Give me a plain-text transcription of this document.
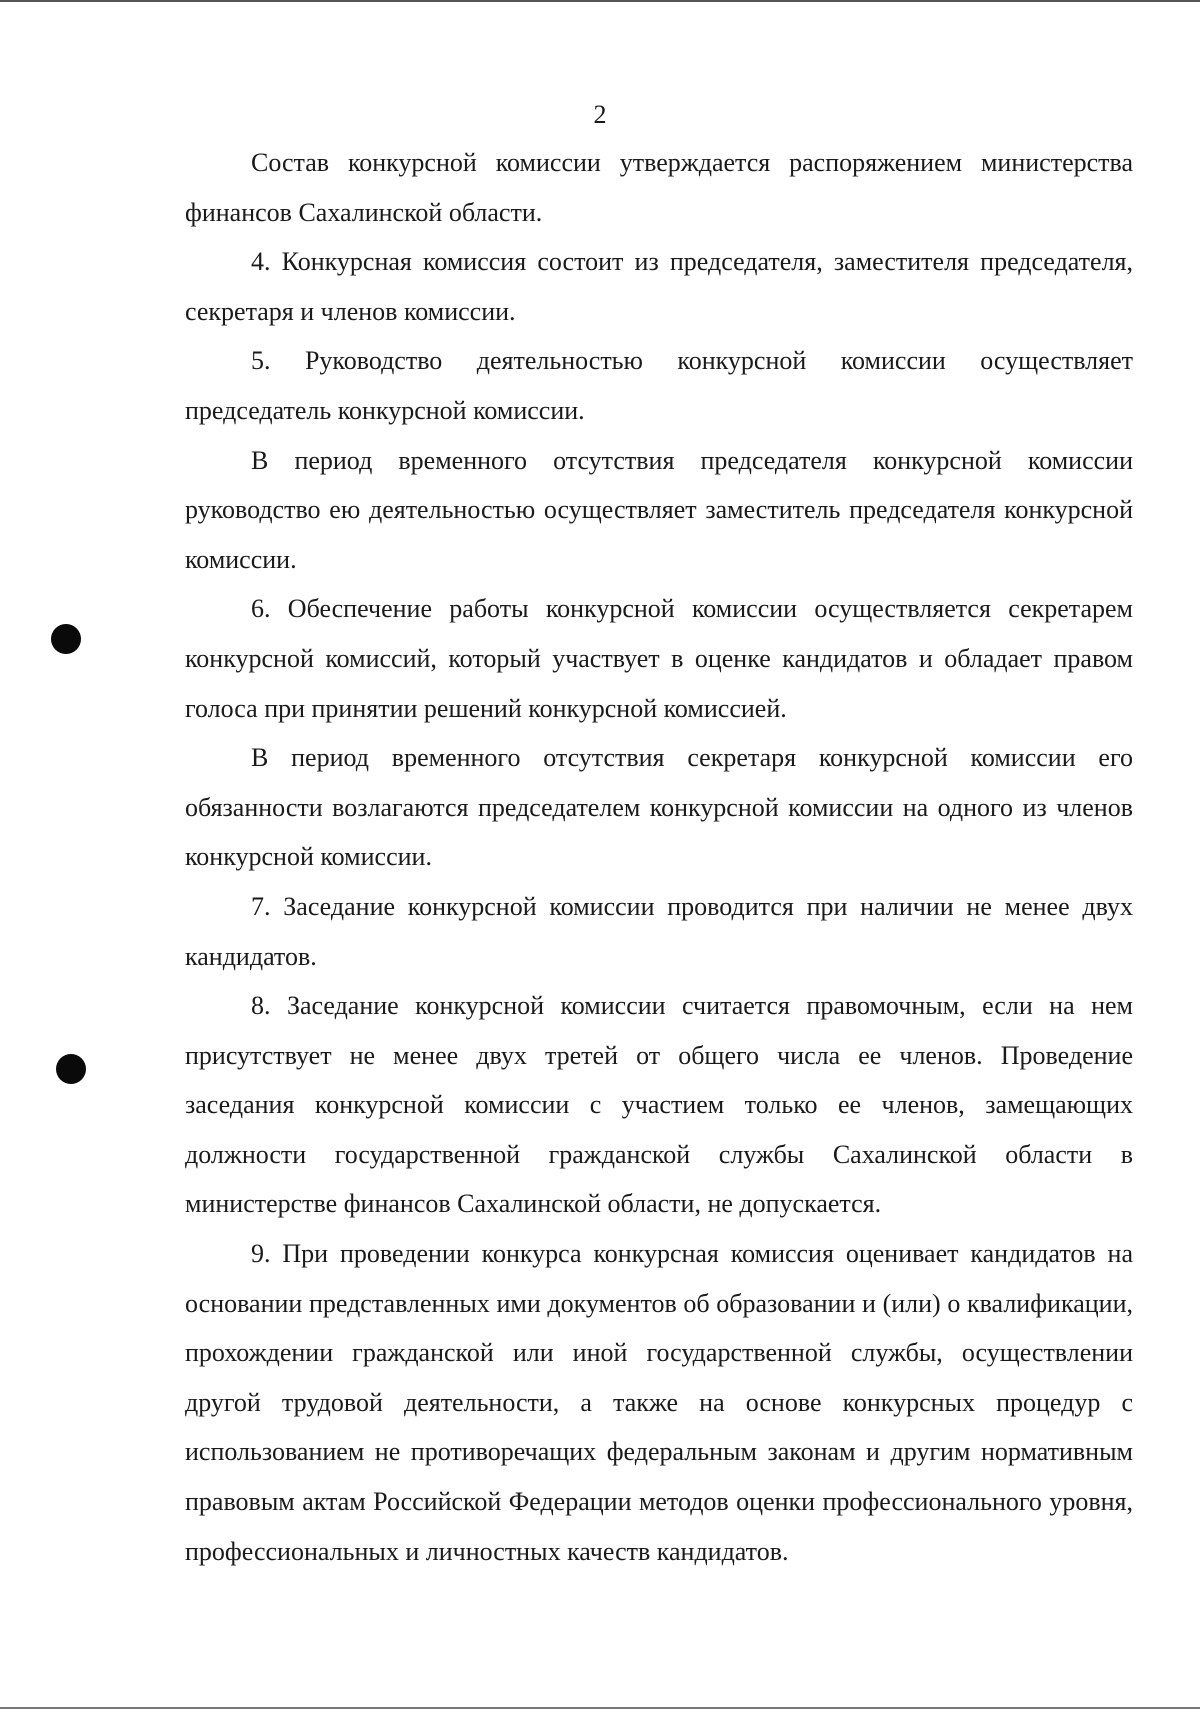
2

Состав конкурсной комиссии утверждается распоряжением министерства финансов Сахалинской области.

4. Конкурсная комиссия состоит из председателя, заместителя председателя, секретаря и членов комиссии.

5. Руководство деятельностью конкурсной комиссии осуществляет председатель конкурсной комиссии.

В период временного отсутствия председателя конкурсной комиссии руководство ею деятельностью осуществляет заместитель председателя конкурсной комиссии.

6. Обеспечение работы конкурсной комиссии осуществляется секретарем конкурсной комиссий, который участвует в оценке кандидатов и обладает правом голоса при принятии решений конкурсной комиссией.

В период временного отсутствия секретаря конкурсной комиссии его обязанности возлагаются председателем конкурсной комиссии на одного из членов конкурсной комиссии.

7. Заседание конкурсной комиссии проводится при наличии не менее двух кандидатов.

8. Заседание конкурсной комиссии считается правомочным, если на нем присутствует не менее двух третей от общего числа ее членов. Проведение заседания конкурсной комиссии с участием только ее членов, замещающих должности государственной гражданской службы Сахалинской области в министерстве финансов Сахалинской области, не допускается.

9. При проведении конкурса конкурсная комиссия оценивает кандидатов на основании представленных ими документов об образовании и (или) о квалификации, прохождении гражданской или иной государственной службы, осуществлении другой трудовой деятельности, а также на основе конкурсных процедур с использованием не противоречащих федеральным законам и другим нормативным правовым актам Российской Федерации методов оценки профессионального уровня, профессиональных и личностных качеств кандидатов.
